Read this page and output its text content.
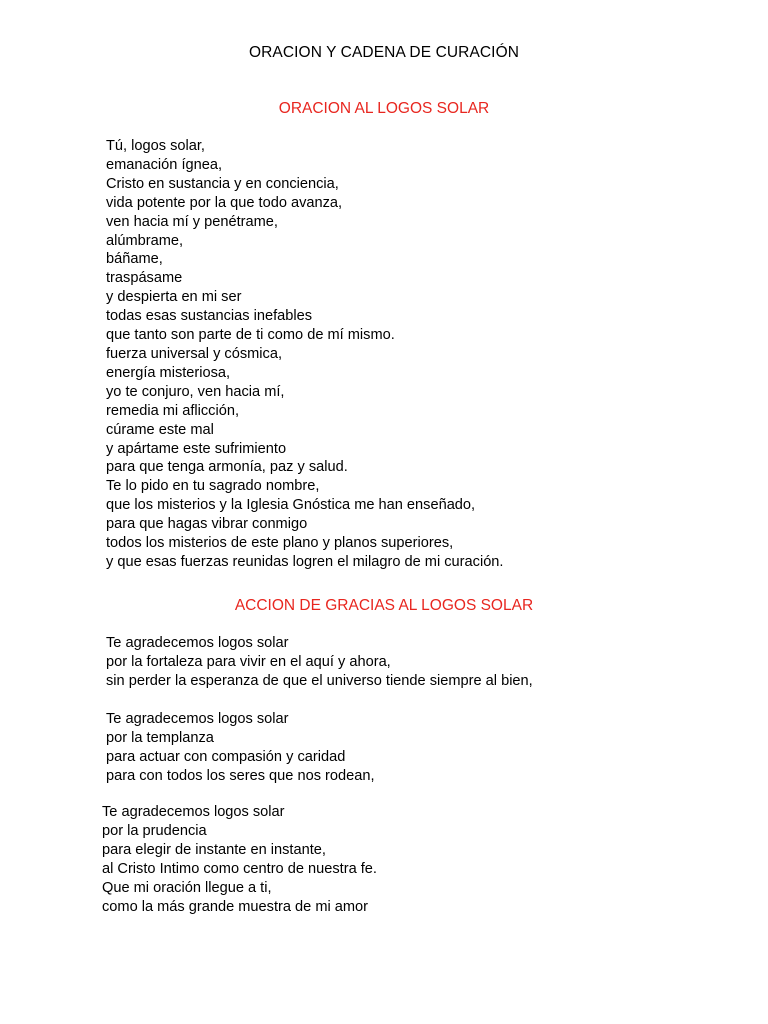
ORACION Y CADENA DE CURACIÓN
ORACION AL LOGOS SOLAR
Tú, logos solar,
emanación ígnea,
Cristo en sustancia y en conciencia,
vida potente por la que todo avanza,
ven hacia mí y penétrame,
alúmbrame,
báñame,
traspásame
y despierta en mi ser
todas esas sustancias inefables
que tanto son parte de ti como de mí mismo.
fuerza universal y cósmica,
energía misteriosa,
yo te conjuro, ven hacia mí,
remedia mi aflicción,
cúrame este mal
y apártame este sufrimiento
para que tenga armonía, paz y salud.
Te lo pido en tu sagrado nombre,
que los misterios y la Iglesia Gnóstica me han enseñado,
para que hagas vibrar conmigo
todos los misterios de este plano y planos superiores,
y que esas fuerzas reunidas logren el milagro de mi curación.
ACCION DE GRACIAS AL LOGOS SOLAR
Te agradecemos logos solar
por la fortaleza para vivir en el aquí y ahora,
sin perder la esperanza de que el universo tiende siempre al bien,
Te agradecemos logos solar
por la templanza
para actuar con compasión y caridad
para con todos los seres que nos rodean,
Te agradecemos logos solar
por la prudencia
para elegir de instante en instante,
al Cristo Intimo como centro de nuestra fe.
Que mi oración llegue a ti,
como la más grande muestra de mi amor
